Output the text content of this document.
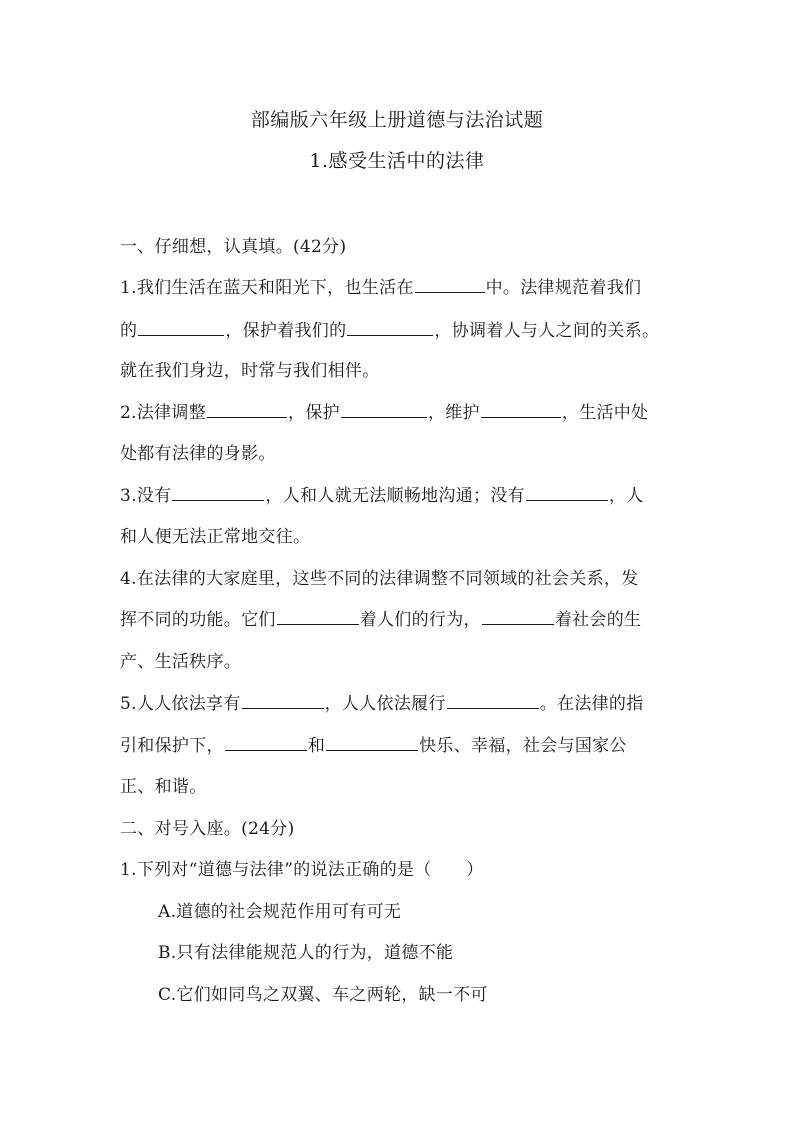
部编版六年级上册道德与法治试题
1.感受生活中的法律
一、仔细想，认真填。(42分)
1.我们生活在蓝天和阳光下，也生活在	中。法律规范着我们
的	，保护着我们的	，协调着人与人之间的关系。
就在我们身边，时常与我们相伴。
2.法律调整	，保护	，维护	，生活中处
处都有法律的身影。
3.没有	，人和人就无法顺畅地沟通；没有	，人
和人便无法正常地交往。
4.在法律的大家庭里，这些不同的法律调整不同领域的社会关系，发
挥不同的功能。它们	着人们的行为，	着社会的生
产、生活秩序。
5.人人依法享有	，人人依法履行	。在法律的指
引和保护下，	和	快乐、幸福，社会与国家公
正、和谐。
二、对号入座。(24分)
1.下列对“道德与法律”的说法正确的是（　　）
A.道德的社会规范作用可有可无
B.只有法律能规范人的行为，道德不能
C.它们如同鸟之双翼、车之两轮，缺一不可
